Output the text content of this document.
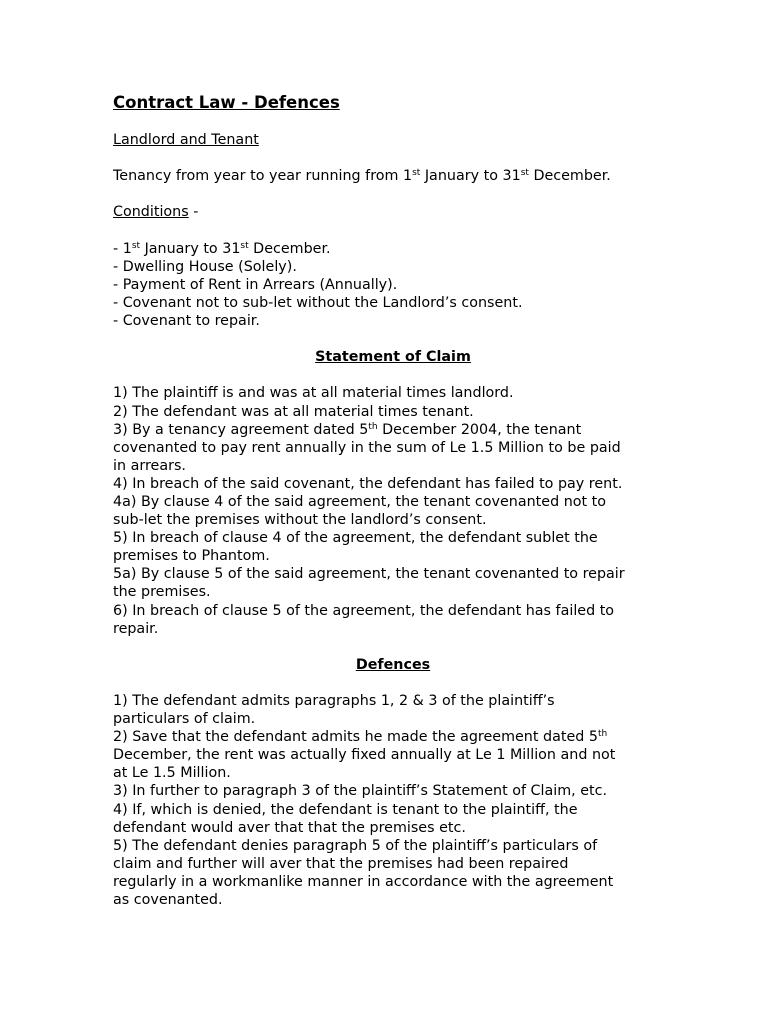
Contract Law - Defences
Landlord and Tenant
Tenancy from year to year running from 1st January to 31st December.
Conditions -
- 1st January to 31st December.
- Dwelling House (Solely).
- Payment of Rent in Arrears (Annually).
- Covenant not to sub-let without the Landlord’s consent.
- Covenant to repair.
Statement of Claim
1) The plaintiff is and was at all material times landlord.
2) The defendant was at all material times tenant.
3) By a tenancy agreement dated 5th December 2004, the tenant
covenanted to pay rent annually in the sum of Le 1.5 Million to be paid
in arrears.
4) In breach of the said covenant, the defendant has failed to pay rent.
4a) By clause 4 of the said agreement, the tenant covenanted not to
sub-let the premises without the landlord’s consent.
5) In breach of clause 4 of the agreement, the defendant sublet the
premises to Phantom.
5a) By clause 5 of the said agreement, the tenant covenanted to repair
the premises.
6) In breach of clause 5 of the agreement, the defendant has failed to
repair.
Defences
1) The defendant admits paragraphs 1, 2 & 3 of the plaintiff’s
particulars of claim.
2) Save that the defendant admits he made the agreement dated 5th
December, the rent was actually fixed annually at Le 1 Million and not
at Le 1.5 Million.
3) In further to paragraph 3 of the plaintiff’s Statement of Claim, etc.
4) If, which is denied, the defendant is tenant to the plaintiff, the
defendant would aver that that the premises etc.
5) The defendant denies paragraph 5 of the plaintiff’s particulars of
claim and further will aver that the premises had been repaired
regularly in a workmanlike manner in accordance with the agreement
as covenanted.
